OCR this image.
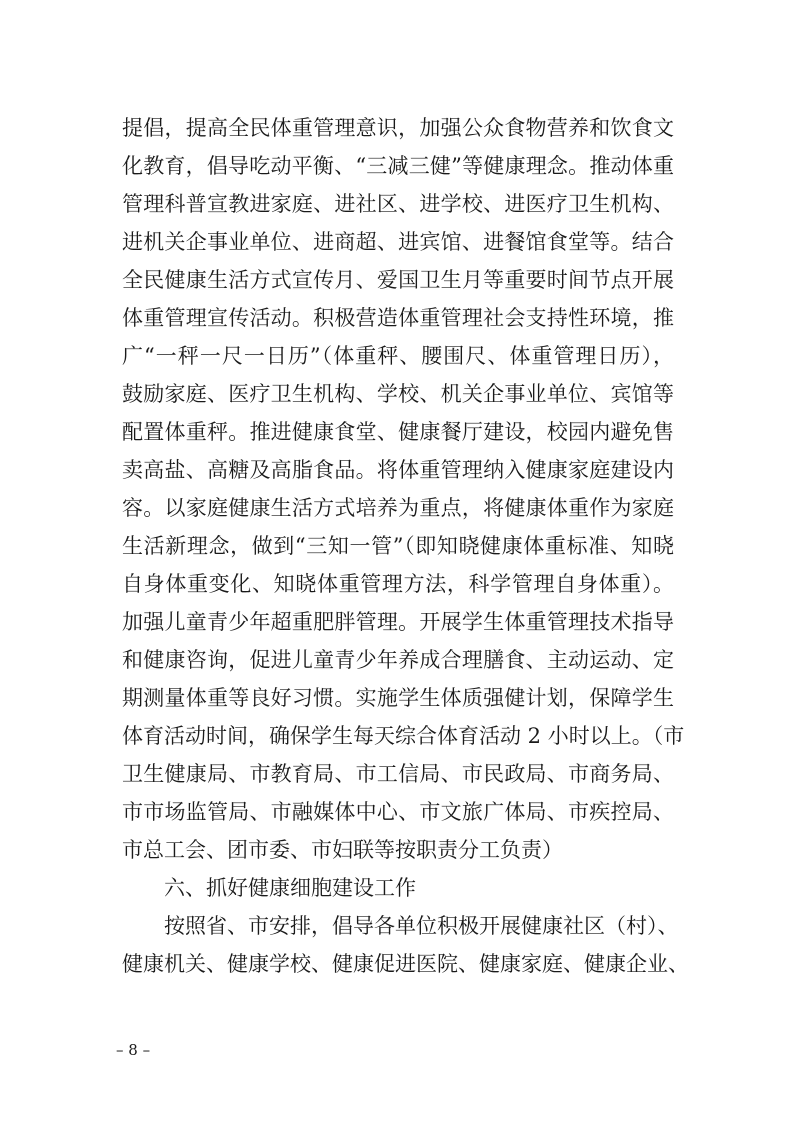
提倡，提高全民体重管理意识，加强公众食物营养和饮食文
化教育，倡导吃动平衡、“三减三健”等健康理念。推动体重
管理科普宣教进家庭、进社区、进学校、进医疗卫生机构、
进机关企事业单位、进商超、进宾馆、进餐馆食堂等。结合
全民健康生活方式宣传月、爱国卫生月等重要时间节点开展
体重管理宣传活动。积极营造体重管理社会支持性环境，推
广“一秤一尺一日历”（体重秤、腰围尺、体重管理日历），
鼓励家庭、医疗卫生机构、学校、机关企事业单位、宾馆等
配置体重秤。推进健康食堂、健康餐厅建设，校园内避免售
卖高盐、高糖及高脂食品。将体重管理纳入健康家庭建设内
容。以家庭健康生活方式培养为重点，将健康体重作为家庭
生活新理念，做到“三知一管”（即知晓健康体重标准、知晓
自身体重变化、知晓体重管理方法，科学管理自身体重）。
加强儿童青少年超重肥胖管理。开展学生体重管理技术指导
和健康咨询，促进儿童青少年养成合理膳食、主动运动、定
期测量体重等良好习惯。实施学生体质强健计划，保障学生
体育活动时间，确保学生每天综合体育活动 2 小时以上。（市
卫生健康局、市教育局、市工信局、市民政局、市商务局、
市市场监管局、市融媒体中心、市文旅广体局、市疾控局、
市总工会、团市委、市妇联等按职责分工负责）
六、抓好健康细胞建设工作
按照省、市安排，倡导各单位积极开展健康社区（村）、
健康机关、健康学校、健康促进医院、健康家庭、健康企业、
– 8 –
